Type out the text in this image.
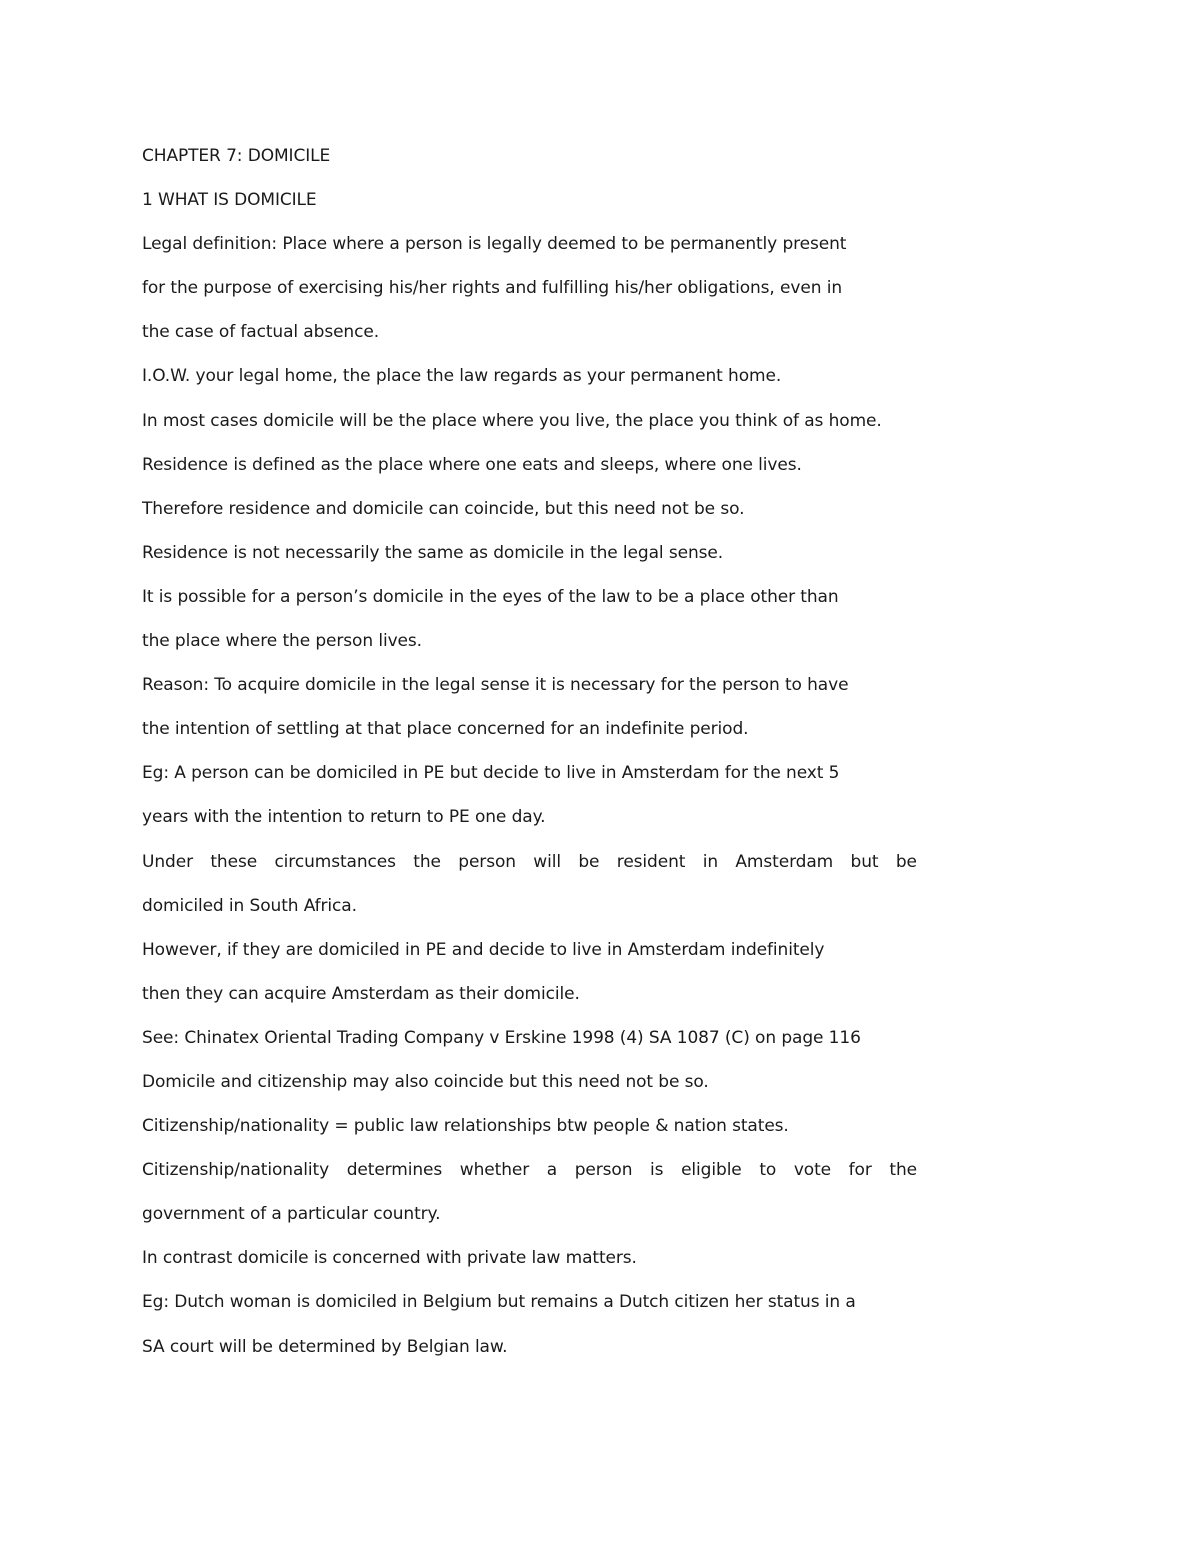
CHAPTER 7: DOMICILE
1 WHAT IS DOMICILE
Legal definition: Place where a person is legally deemed to be permanently present
for the purpose of exercising his/her rights and fulfilling his/her obligations, even in
the case of factual absence.
I.O.W. your legal home, the place the law regards as your permanent home.
In most cases domicile will be the place where you live, the place you think of as home.
Residence is defined as the place where one eats and sleeps, where one lives.
Therefore residence and domicile can coincide, but this need not be so.
Residence is not necessarily the same as domicile in the legal sense.
It is possible for a person’s domicile in the eyes of the law to be a place other than
the place where the person lives.
Reason: To acquire domicile in the legal sense it is necessary for the person to have
the intention of settling at that place concerned for an indefinite period.
Eg: A person can be domiciled in PE but decide to live in Amsterdam for the next 5
years with the intention to return to PE one day.
Under these circumstances the person will be resident in Amsterdam but be
domiciled in South Africa.
However, if they are domiciled in PE and decide to live in Amsterdam indefinitely
then they can acquire Amsterdam as their domicile.
See: Chinatex Oriental Trading Company v Erskine 1998 (4) SA 1087 (C) on page 116
Domicile and citizenship may also coincide but this need not be so.
Citizenship/nationality = public law relationships btw people & nation states.
Citizenship/nationality determines whether a person is eligible to vote for the
government of a particular country.
In contrast domicile is concerned with private law matters.
Eg: Dutch woman is domiciled in Belgium but remains a Dutch citizen her status in a
SA court will be determined by Belgian law.
